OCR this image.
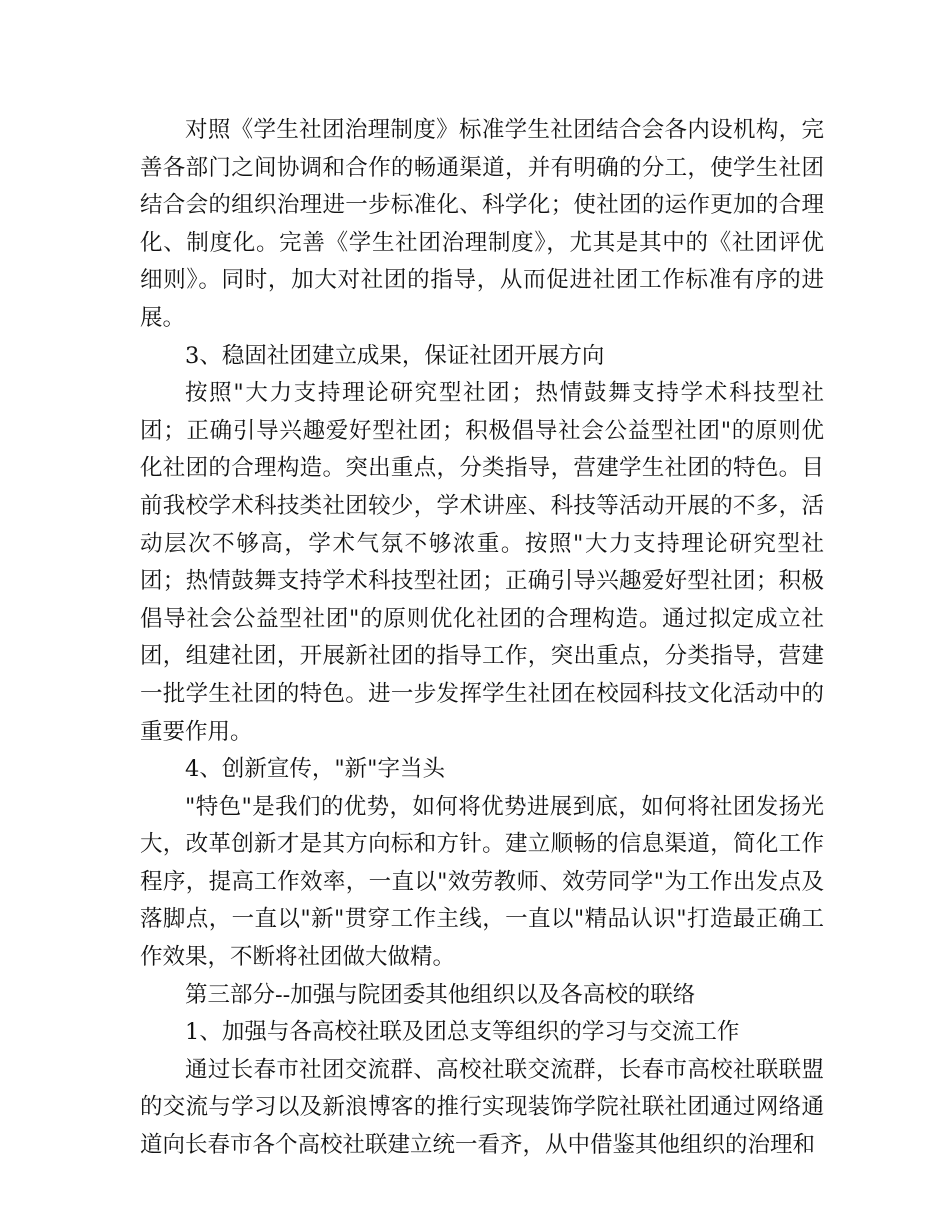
对照《学生社团治理制度》标准学生社团结合会各内设机构，完善各部门之间协调和合作的畅通渠道，并有明确的分工，使学生社团结合会的组织治理进一步标准化、科学化；使社团的运作更加的合理化、制度化。完善《学生社团治理制度》，尤其是其中的《社团评优细则》。同时，加大对社团的指导，从而促进社团工作标准有序的进展。

3、稳固社团建立成果，保证社团开展方向

按照"大力支持理论研究型社团；热情鼓舞支持学术科技型社团；正确引导兴趣爱好型社团；积极倡导社会公益型社团"的原则优化社团的合理构造。突出重点，分类指导，营建学生社团的特色。目前我校学术科技类社团较少，学术讲座、科技等活动开展的不多，活动层次不够高，学术气氛不够浓重。按照"大力支持理论研究型社团；热情鼓舞支持学术科技型社团；正确引导兴趣爱好型社团；积极倡导社会公益型社团"的原则优化社团的合理构造。通过拟定成立社团，组建社团，开展新社团的指导工作，突出重点，分类指导，营建一批学生社团的特色。进一步发挥学生社团在校园科技文化活动中的重要作用。

4、创新宣传，"新"字当头

"特色"是我们的优势，如何将优势进展到底，如何将社团发扬光大，改革创新才是其方向标和方针。建立顺畅的信息渠道，简化工作程序，提高工作效率，一直以"效劳教师、效劳同学"为工作出发点及落脚点，一直以"新"贯穿工作主线，一直以"精品认识"打造最正确工作效果，不断将社团做大做精。

第三部分--加强与院团委其他组织以及各高校的联络

1、加强与各高校社联及团总支等组织的学习与交流工作

通过长春市社团交流群、高校社联交流群，长春市高校社联联盟的交流与学习以及新浪博客的推行实现装饰学院社联社团通过网络通道向长春市各个高校社联建立统一看齐，从中借鉴其他组织的治理和
